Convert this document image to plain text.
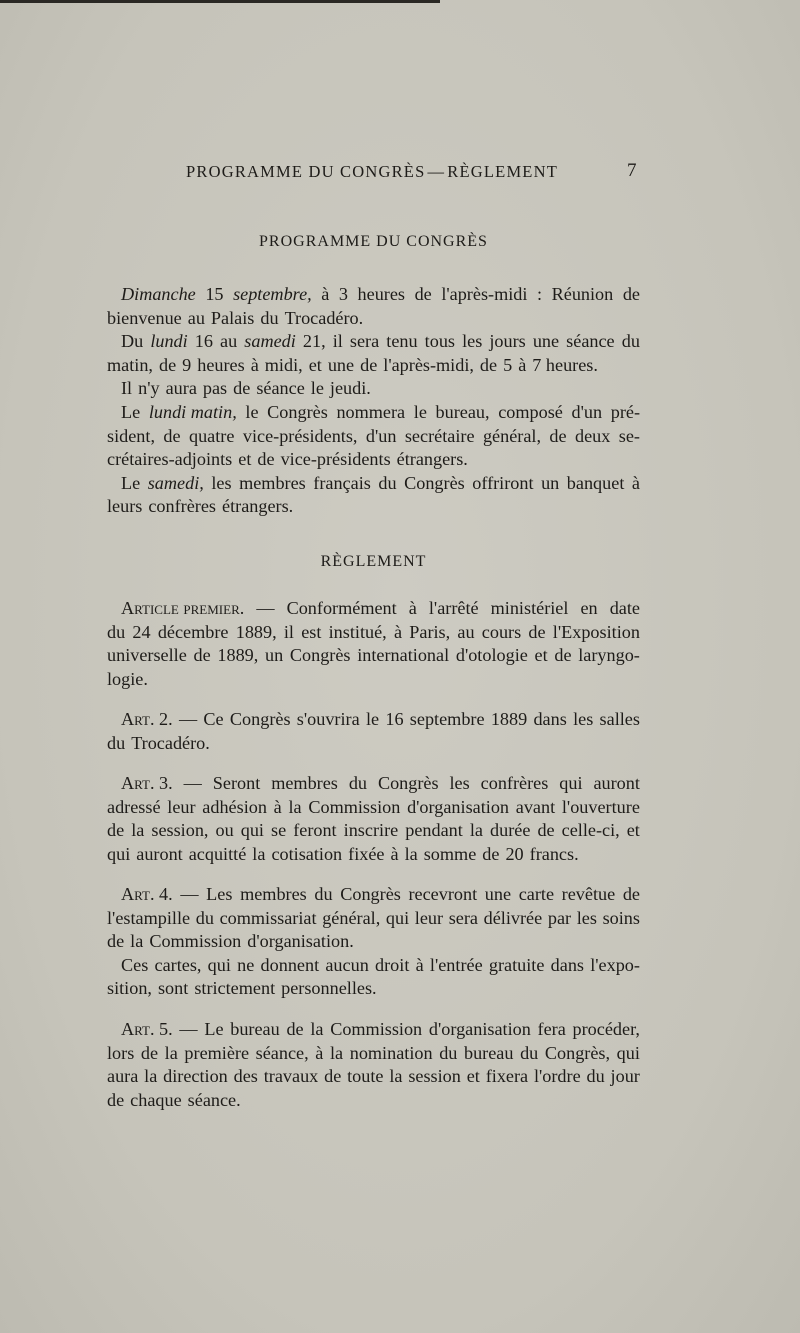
PROGRAMME DU CONGRÈS — RÈGLEMENT	7
PROGRAMME DU CONGRÈS
Dimanche 15 septembre, à 3 heures de l'après-midi : Réunion de
bienvenue au Palais du Trocadéro.
Du lundi 16 au samedi 21, il sera tenu tous les jours une séance du
matin, de 9 heures à midi, et une de l'après-midi, de 5 à 7 heures.
Il n'y aura pas de séance le jeudi.
Le lundi matin, le Congrès nommera le bureau, composé d'un pré-
sident, de quatre vice-présidents, d'un secrétaire général, de deux se-
crétaires-adjoints et de vice-présidents étrangers.
Le samedi, les membres français du Congrès offriront un banquet à
leurs confrères étrangers.
RÈGLEMENT
Article premier. — Conformément à l'arrêté ministériel en date
du 24 décembre 1889, il est institué, à Paris, au cours de l'Exposition
universelle de 1889, un Congrès international d'otologie et de laryngo-
logie.
Art. 2. — Ce Congrès s'ouvrira le 16 septembre 1889 dans les salles
du Trocadéro.
Art. 3. — Seront membres du Congrès les confrères qui auront
adressé leur adhésion à la Commission d'organisation avant l'ouverture
de la session, ou qui se feront inscrire pendant la durée de celle-ci, et
qui auront acquitté la cotisation fixée à la somme de 20 francs.
Art. 4. — Les membres du Congrès recevront une carte revêtue de
l'estampille du commissariat général, qui leur sera délivrée par les soins
de la Commission d'organisation.
Ces cartes, qui ne donnent aucun droit à l'entrée gratuite dans l'expo-
sition, sont strictement personnelles.
Art. 5. — Le bureau de la Commission d'organisation fera procéder,
lors de la première séance, à la nomination du bureau du Congrès, qui
aura la direction des travaux de toute la session et fixera l'ordre du jour
de chaque séance.
